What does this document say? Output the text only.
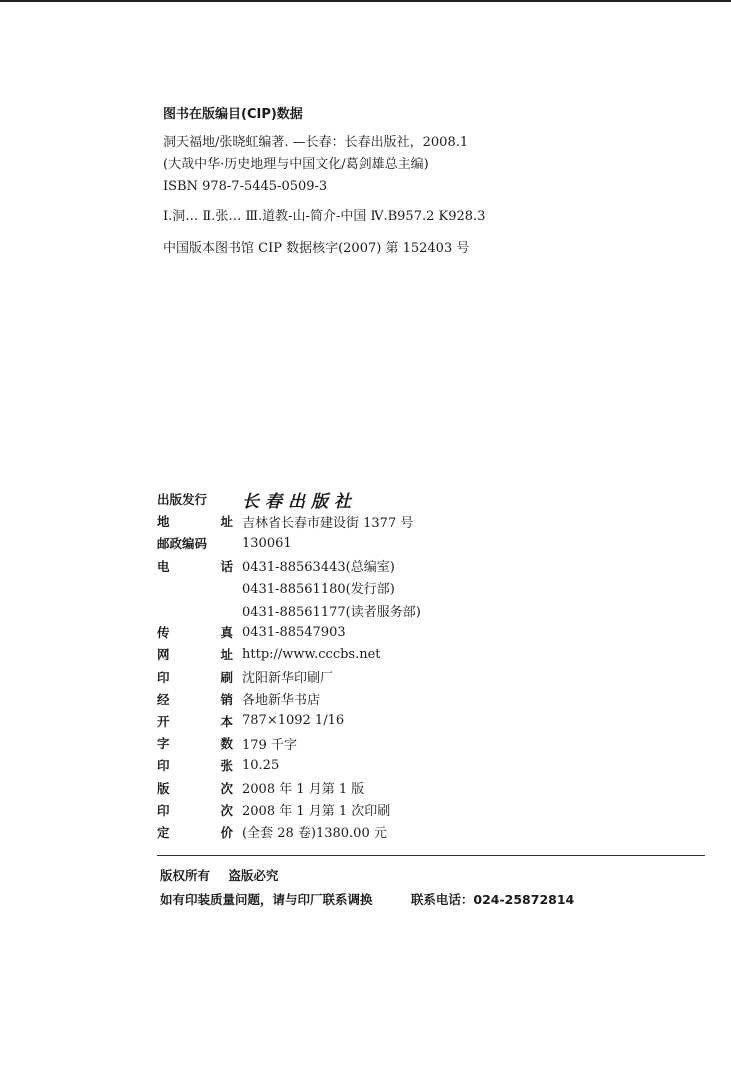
图书在版编目(CIP)数据
洞天福地/张晓虹编著. —长春：长春出版社，2008.1
(大哉中华·历史地理与中国文化/葛剑雄总主编)
ISBN 978-7-5445-0509-3
Ⅰ.洞… Ⅱ.张… Ⅲ.道教-山-简介-中国 Ⅳ.B957.2 K928.3
中国版本图书馆 CIP 数据核字(2007) 第 152403 号
出版发行	长春出版社
地	址 吉林省长春市建设街 1377 号
邮政编码	130061
电	话 0431-88563443(总编室)
0431-88561180(发行部)
0431-88561177(读者服务部)
传	真 0431-88547903
网	址 http://www.cccbs.net
印	刷 沈阳新华印刷厂
经	销 各地新华书店
开	本 787×1092 1/16
字	数 179 千字
印	张 10.25
版	次 2008 年 1 月第 1 版
印	次 2008 年 1 月第 1 次印刷
定	价 (全套 28 卷)1380.00 元
版权所有 盗版必究
如有印装质量问题，请与印厂联系调换	联系电话：024-25872814
